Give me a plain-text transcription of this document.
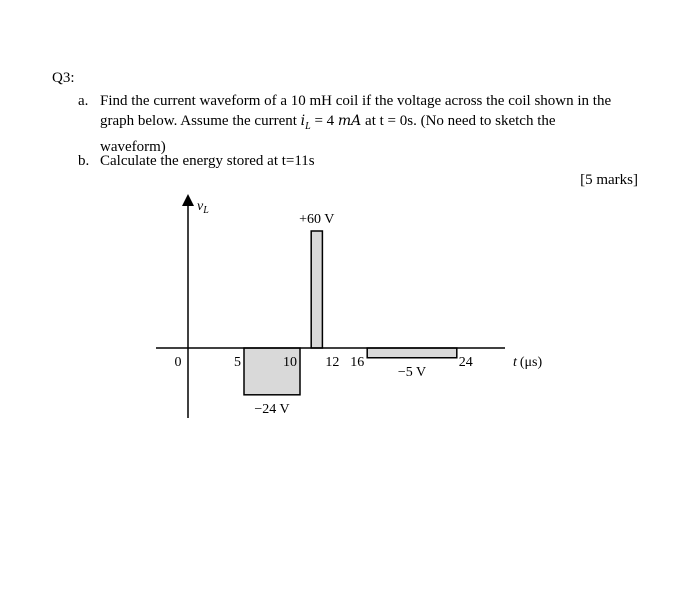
Q3:
a. Find the current waveform of a 10 mH coil if the voltage across the coil shown in the
graph below. Assume the current $i_L = 4$ mA at t = 0s. (No need to sketch the
waveform)
b. Calculate the energy stored at t=11s
[5 marks]
$v_L$
0	5	10 12 16	24
−24 V
+60 V
−5 V
t (μs)
